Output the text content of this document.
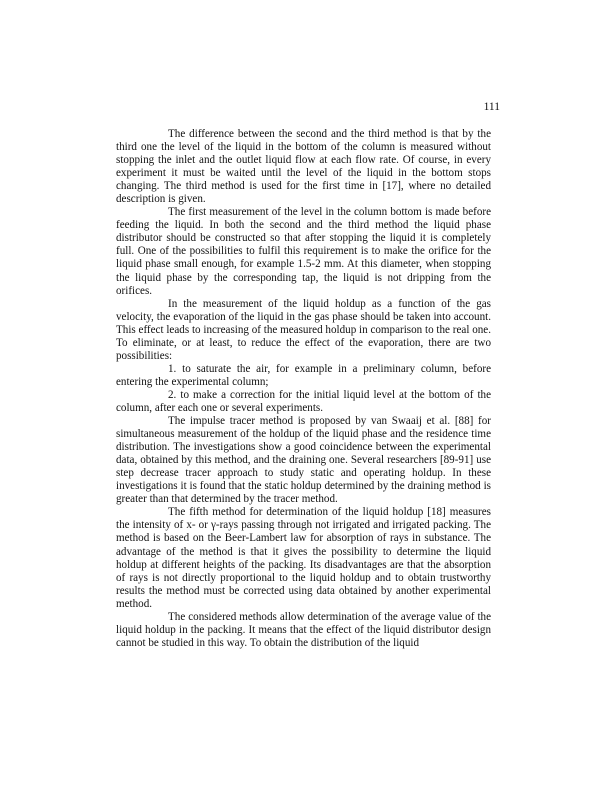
111

The difference between the second and the third method is that by the third one the level of the liquid in the bottom of the column is measured without stopping the inlet and the outlet liquid flow at each flow rate. Of course, in every experiment it must be waited until the level of the liquid in the bottom stops changing. The third method is used for the first time in [17], where no detailed description is given.

The first measurement of the level in the column bottom is made before feeding the liquid. In both the second and the third method the liquid phase distributor should be constructed so that after stopping the liquid it is completely full. One of the possibilities to fulfil this requirement is to make the orifice for the liquid phase small enough, for example 1.5-2 mm. At this diameter, when stopping the liquid phase by the corresponding tap, the liquid is not dripping from the orifices.

In the measurement of the liquid holdup as a function of the gas velocity, the evaporation of the liquid in the gas phase should be taken into account. This effect leads to increasing of the measured holdup in comparison to the real one. To eliminate, or at least, to reduce the effect of the evaporation, there are two possibilities:

1. to saturate the air, for example in a preliminary column, before entering the experimental column;

2. to make a correction for the initial liquid level at the bottom of the column, after each one or several experiments.

The impulse tracer method is proposed by van Swaaij et al. [88] for simultaneous measurement of the holdup of the liquid phase and the residence time distribution. The investigations show a good coincidence between the experimental data, obtained by this method, and the draining one. Several researchers [89-91] use step decrease tracer approach to study static and operating holdup. In these investigations it is found that the static holdup determined by the draining method is greater than that determined by the tracer method.

The fifth method for determination of the liquid holdup [18] measures the intensity of x- or γ-rays passing through not irrigated and irrigated packing. The method is based on the Beer-Lambert law for absorption of rays in substance. The advantage of the method is that it gives the possibility to determine the liquid holdup at different heights of the packing. Its disadvantages are that the absorption of rays is not directly proportional to the liquid holdup and to obtain trustworthy results the method must be corrected using data obtained by another experimental method.

The considered methods allow determination of the average value of the liquid holdup in the packing. It means that the effect of the liquid distributor design cannot be studied in this way. To obtain the distribution of the liquid
